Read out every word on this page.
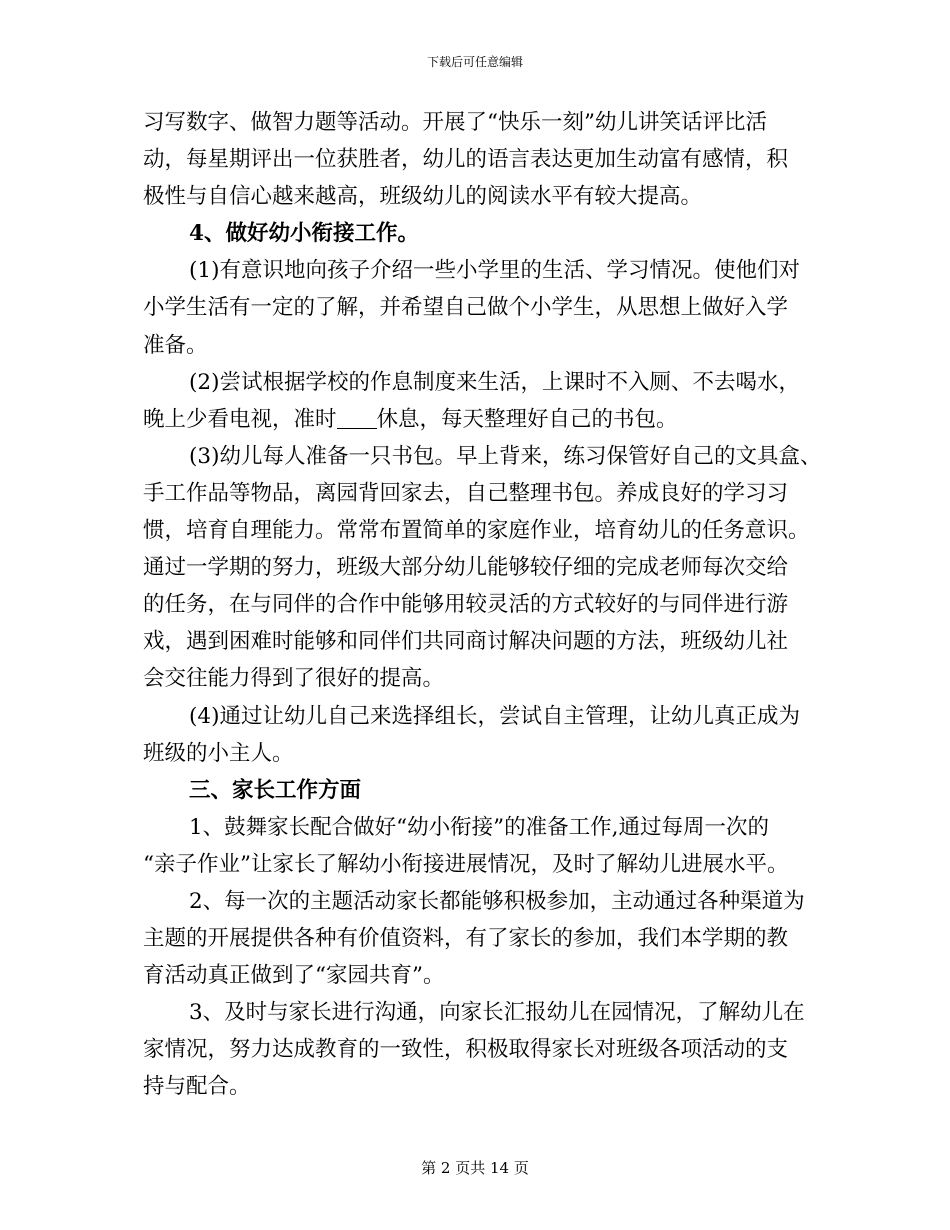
下载后可任意编辑
习写数字、做智力题等活动。开展了“快乐一刻”幼儿讲笑话评比活
动，每星期评出一位获胜者，幼儿的语言表达更加生动富有感情，积
极性与自信心越来越高，班级幼儿的阅读水平有较大提高。
4、做好幼小衔接工作。
(1)有意识地向孩子介绍一些小学里的生活、学习情况。使他们对
小学生活有一定的了解，并希望自己做个小学生，从思想上做好入学
准备。
(2)尝试根据学校的作息制度来生活，上课时不入厕、不去喝水，
晚上少看电视，准时 休息，每天整理好自己的书包。
(3)幼儿每人准备一只书包。早上背来，练习保管好自己的文具盒、
手工作品等物品，离园背回家去，自己整理书包。养成良好的学习习
惯，培育自理能力。常常布置简单的家庭作业，培育幼儿的任务意识。
通过一学期的努力，班级大部分幼儿能够较仔细的完成老师每次交给
的任务，在与同伴的合作中能够用较灵活的方式较好的与同伴进行游
戏，遇到困难时能够和同伴们共同商讨解决问题的方法，班级幼儿社
会交往能力得到了很好的提高。
(4)通过让幼儿自己来选择组长，尝试自主管理，让幼儿真正成为
班级的小主人。
三、家长工作方面
1、鼓舞家长配合做好“幼小衔接”的准备工作,通过每周一次的
“亲子作业”让家长了解幼小衔接进展情况，及时了解幼儿进展水平。
2、每一次的主题活动家长都能够积极参加，主动通过各种渠道为
主题的开展提供各种有价值资料，有了家长的参加，我们本学期的教
育活动真正做到了“家园共育”。
3、及时与家长进行沟通，向家长汇报幼儿在园情况，了解幼儿在
家情况，努力达成教育的一致性，积极取得家长对班级各项活动的支
持与配合。
第 2 页共 14 页
